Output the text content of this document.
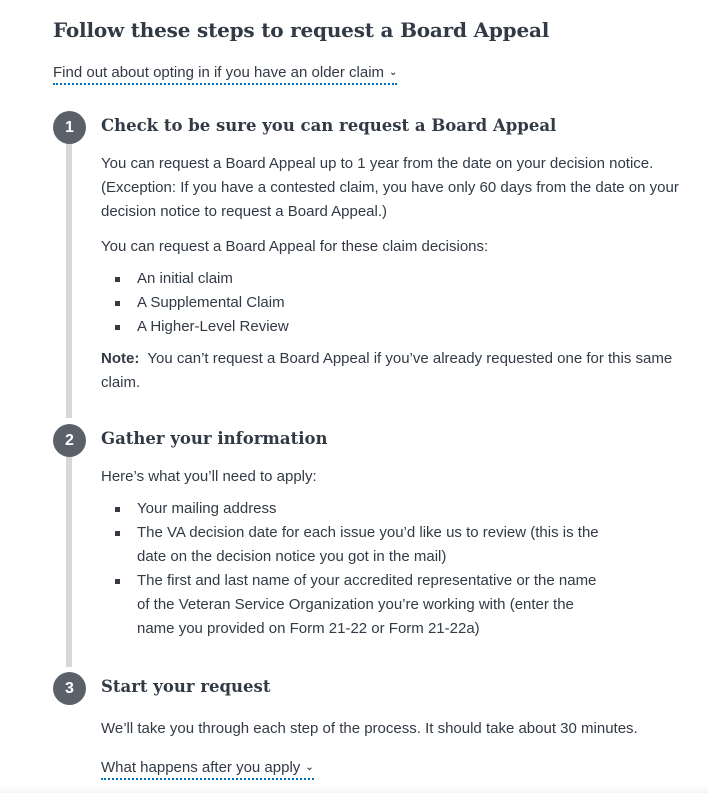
Follow these steps to request a Board Appeal
Find out about opting in if you have an older claim ⌄
1	Check to be sure you can request a Board Appeal

You can request a Board Appeal up to 1 year from the date on your decision notice. (Exception: If you have a contested claim, you have only 60 days from the date on your decision notice to request a Board Appeal.)

You can request a Board Appeal for these claim decisions:

An initial claim
A Supplemental Claim
A Higher-Level Review

Note: You can’t request a Board Appeal if you’ve already requested one for this same claim.

2	Gather your information

Here’s what you’ll need to apply:

Your mailing address
The VA decision date for each issue you’d like us to review (this is the date on the decision notice you got in the mail)
The first and last name of your accredited representative or the name of the Veteran Service Organization you’re working with (enter the name you provided on Form 21-22 or Form 21-22a)
3	Start your request

We’ll take you through each step of the process. It should take about 30 minutes.

What happens after you apply ⌄
